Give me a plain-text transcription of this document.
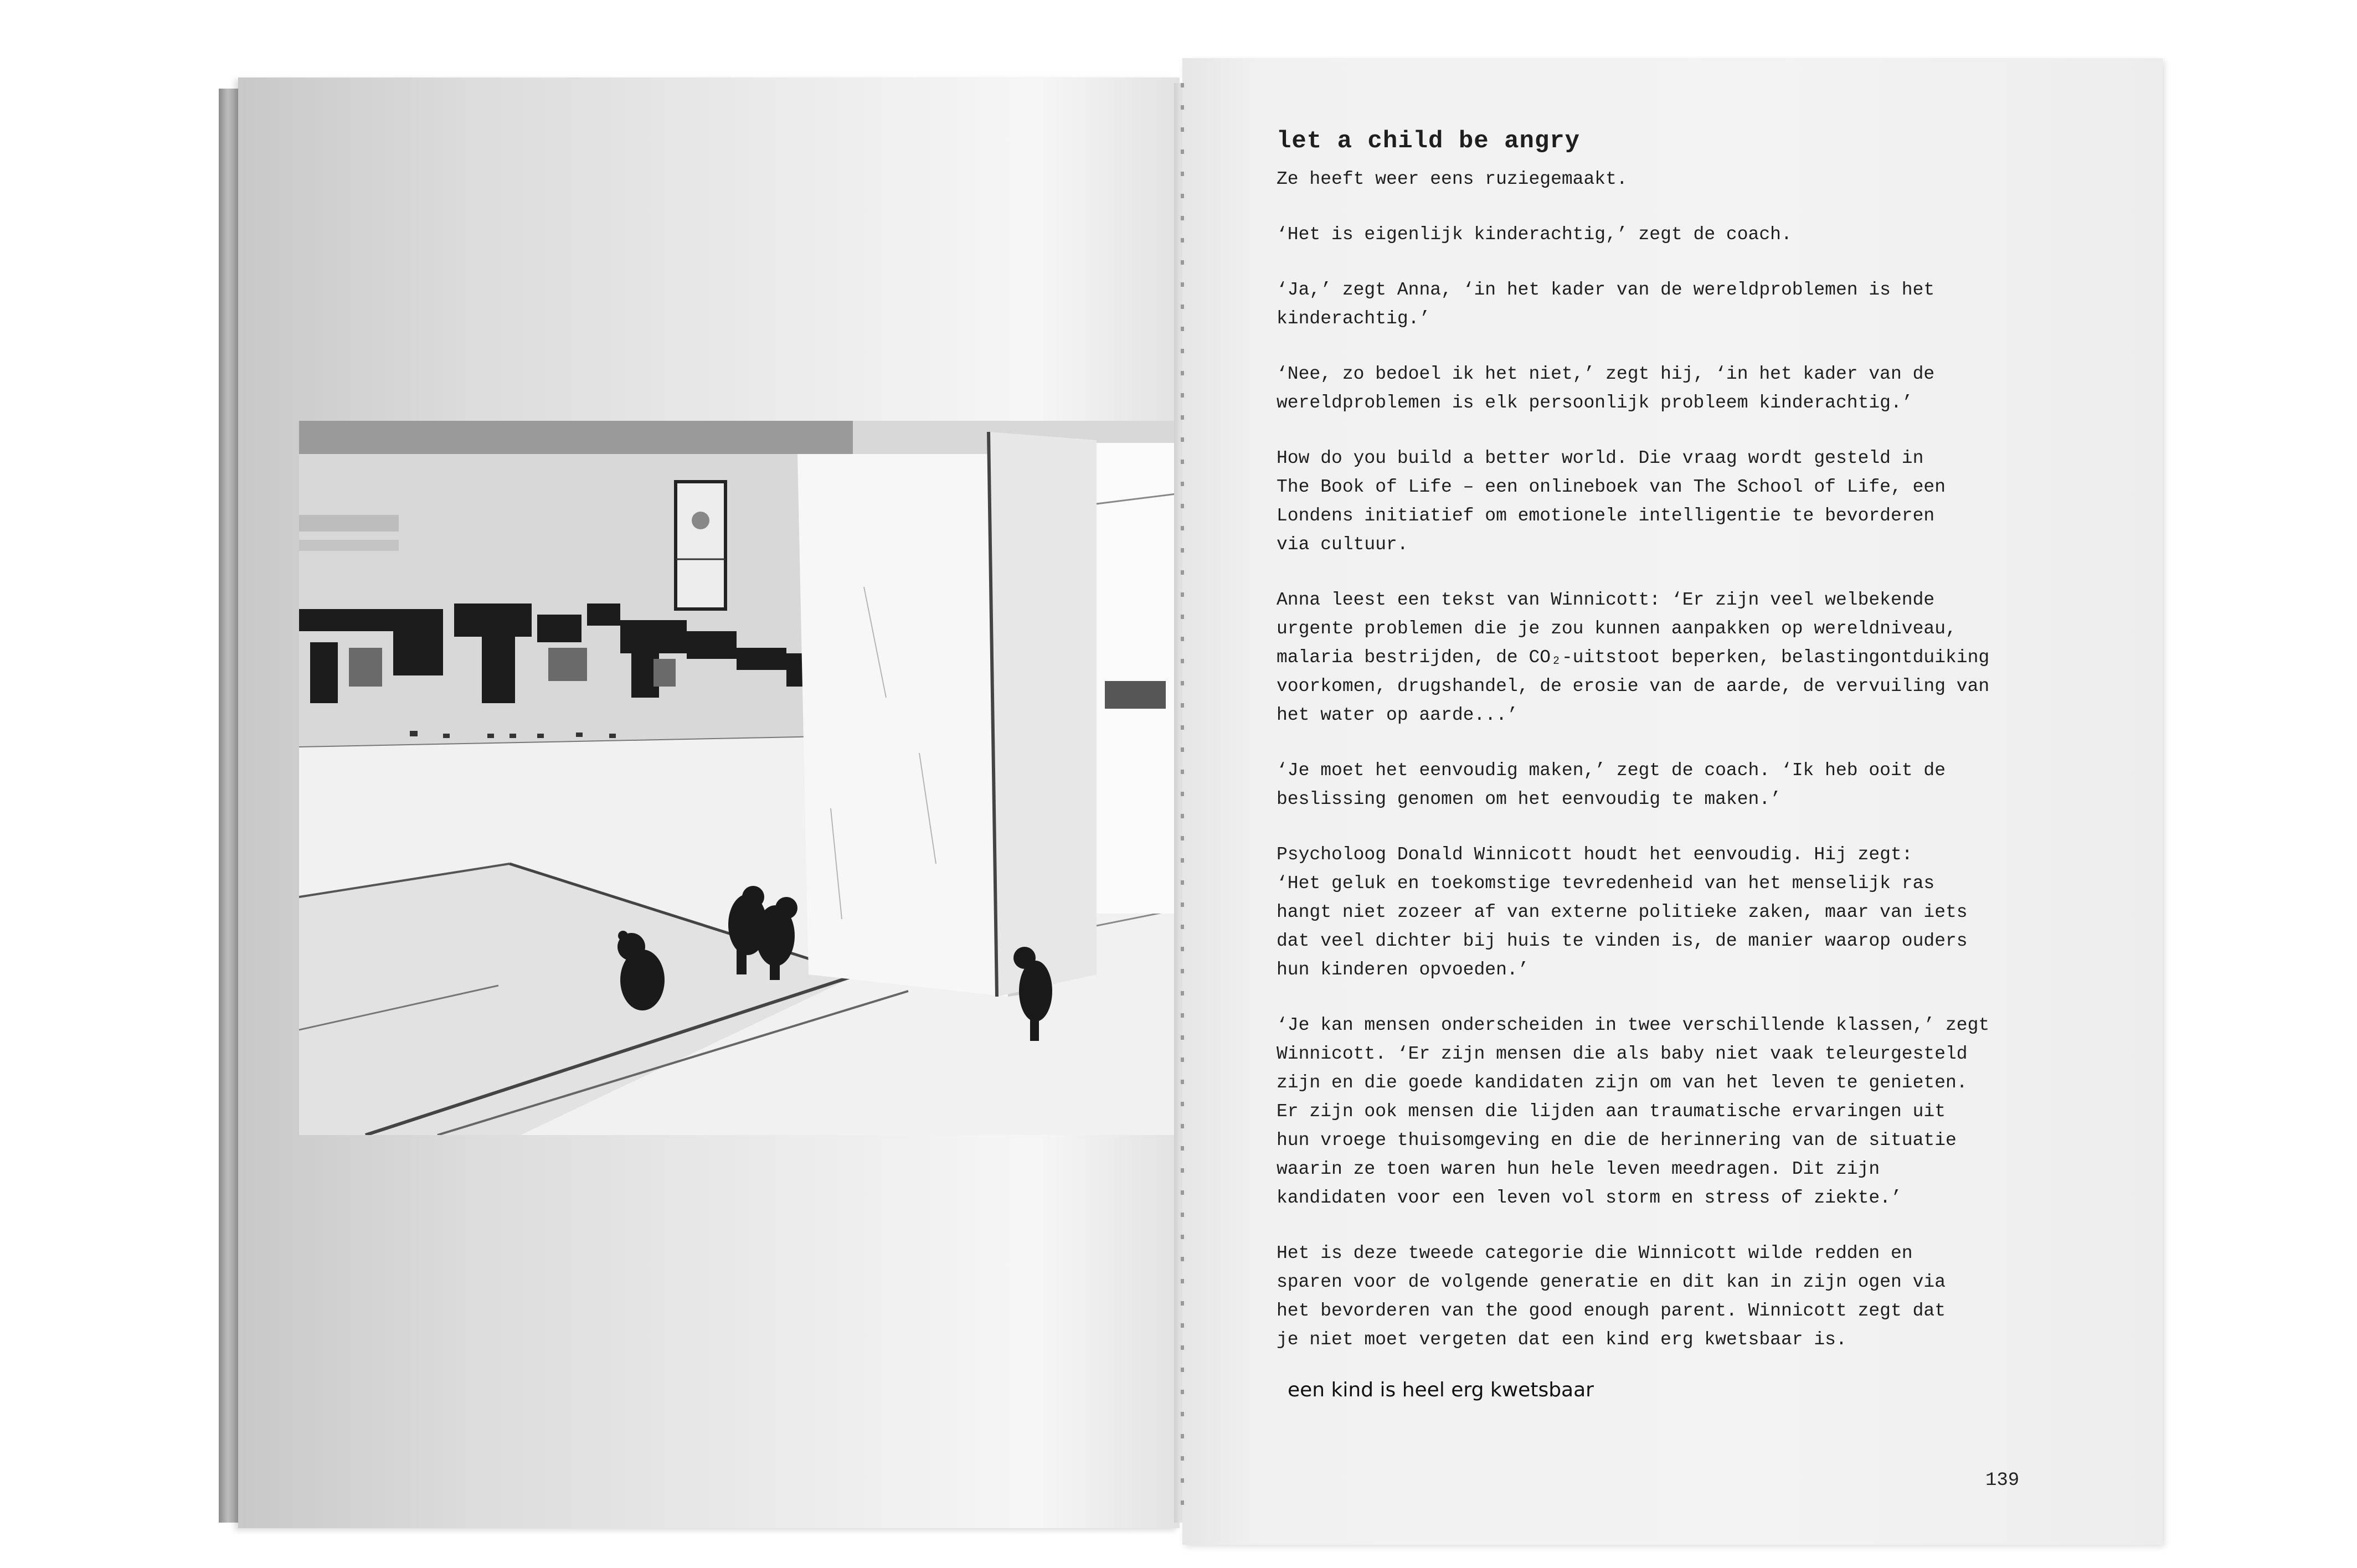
let a child be angry

Ze heeft weer eens ruziegemaakt.

‘Het is eigenlijk kinderachtig,’ zegt de coach.

‘Ja,’ zegt Anna, ‘in het kader van de wereldproblemen is het
kinderachtig.’

‘Nee, zo bedoel ik het niet,’ zegt hij, ‘in het kader van de
wereldproblemen is elk persoonlijk probleem kinderachtig.’

How do you build a better world. Die vraag wordt gesteld in
The Book of Life – een onlineboek van The School of Life, een
Londens initiatief om emotionele intelligentie te bevorderen
via cultuur.

Anna leest een tekst van Winnicott: ‘Er zijn veel welbekende
urgente problemen die je zou kunnen aanpakken op wereldniveau,
malaria bestrijden, de CO₂-uitstoot beperken, belastingontduiking
voorkomen, drugshandel, de erosie van de aarde, de vervuiling van
het water op aarde...’

‘Je moet het eenvoudig maken,’ zegt de coach. ‘Ik heb ooit de
beslissing genomen om het eenvoudig te maken.’

Psycholoog Donald Winnicott houdt het eenvoudig. Hij zegt:
‘Het geluk en toekomstige tevredenheid van het menselijk ras
hangt niet zozeer af van externe politieke zaken, maar van iets
dat veel dichter bij huis te vinden is, de manier waarop ouders
hun kinderen opvoeden.’

‘Je kan mensen onderscheiden in twee verschillende klassen,’ zegt
Winnicott. ‘Er zijn mensen die als baby niet vaak teleurgesteld
zijn en die goede kandidaten zijn om van het leven te genieten.
Er zijn ook mensen die lijden aan traumatische ervaringen uit
hun vroege thuisomgeving en die de herinnering van de situatie
waarin ze toen waren hun hele leven meedragen. Dit zijn
kandidaten voor een leven vol storm en stress of ziekte.’

Het is deze tweede categorie die Winnicott wilde redden en
sparen voor de volgende generatie en dit kan in zijn ogen via
het bevorderen van the good enough parent. Winnicott zegt dat
je niet moet vergeten dat een kind erg kwetsbaar is.

een kind is heel erg kwetsbaar
139
